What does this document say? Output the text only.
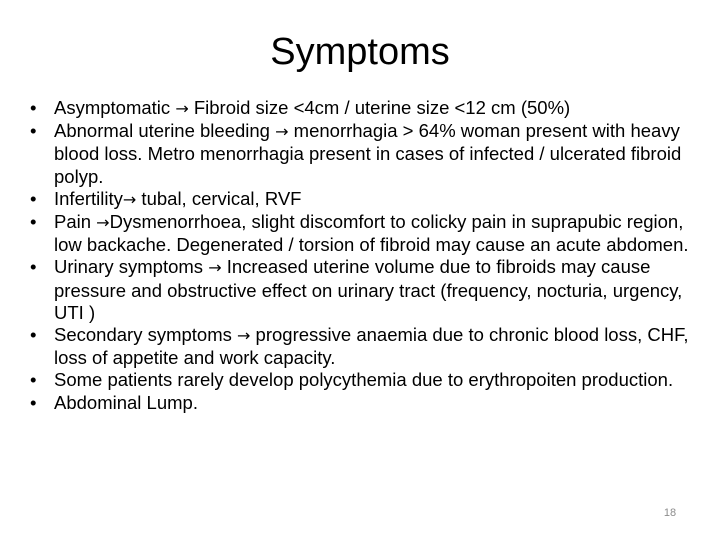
Symptoms
• Asymptomatic → Fibroid size <4cm / uterine size <12 cm (50%)
• Abnormal uterine bleeding → menorrhagia > 64% woman present with heavy blood loss. Metro menorrhagia present in cases of infected / ulcerated fibroid polyp.
• Infertility→ tubal, cervical, RVF
• Pain →Dysmenorrhoea, slight discomfort to colicky pain in suprapubic region, low backache. Degenerated / torsion of fibroid may cause an acute abdomen.
• Urinary symptoms → Increased uterine volume due to fibroids may cause pressure and obstructive effect on urinary tract (frequency, nocturia, urgency, UTI )
• Secondary symptoms → progressive anaemia due to chronic blood loss, CHF, loss of appetite and work capacity.
• Some patients rarely develop polycythemia due to erythropoiten production.
• Abdominal Lump.
18
